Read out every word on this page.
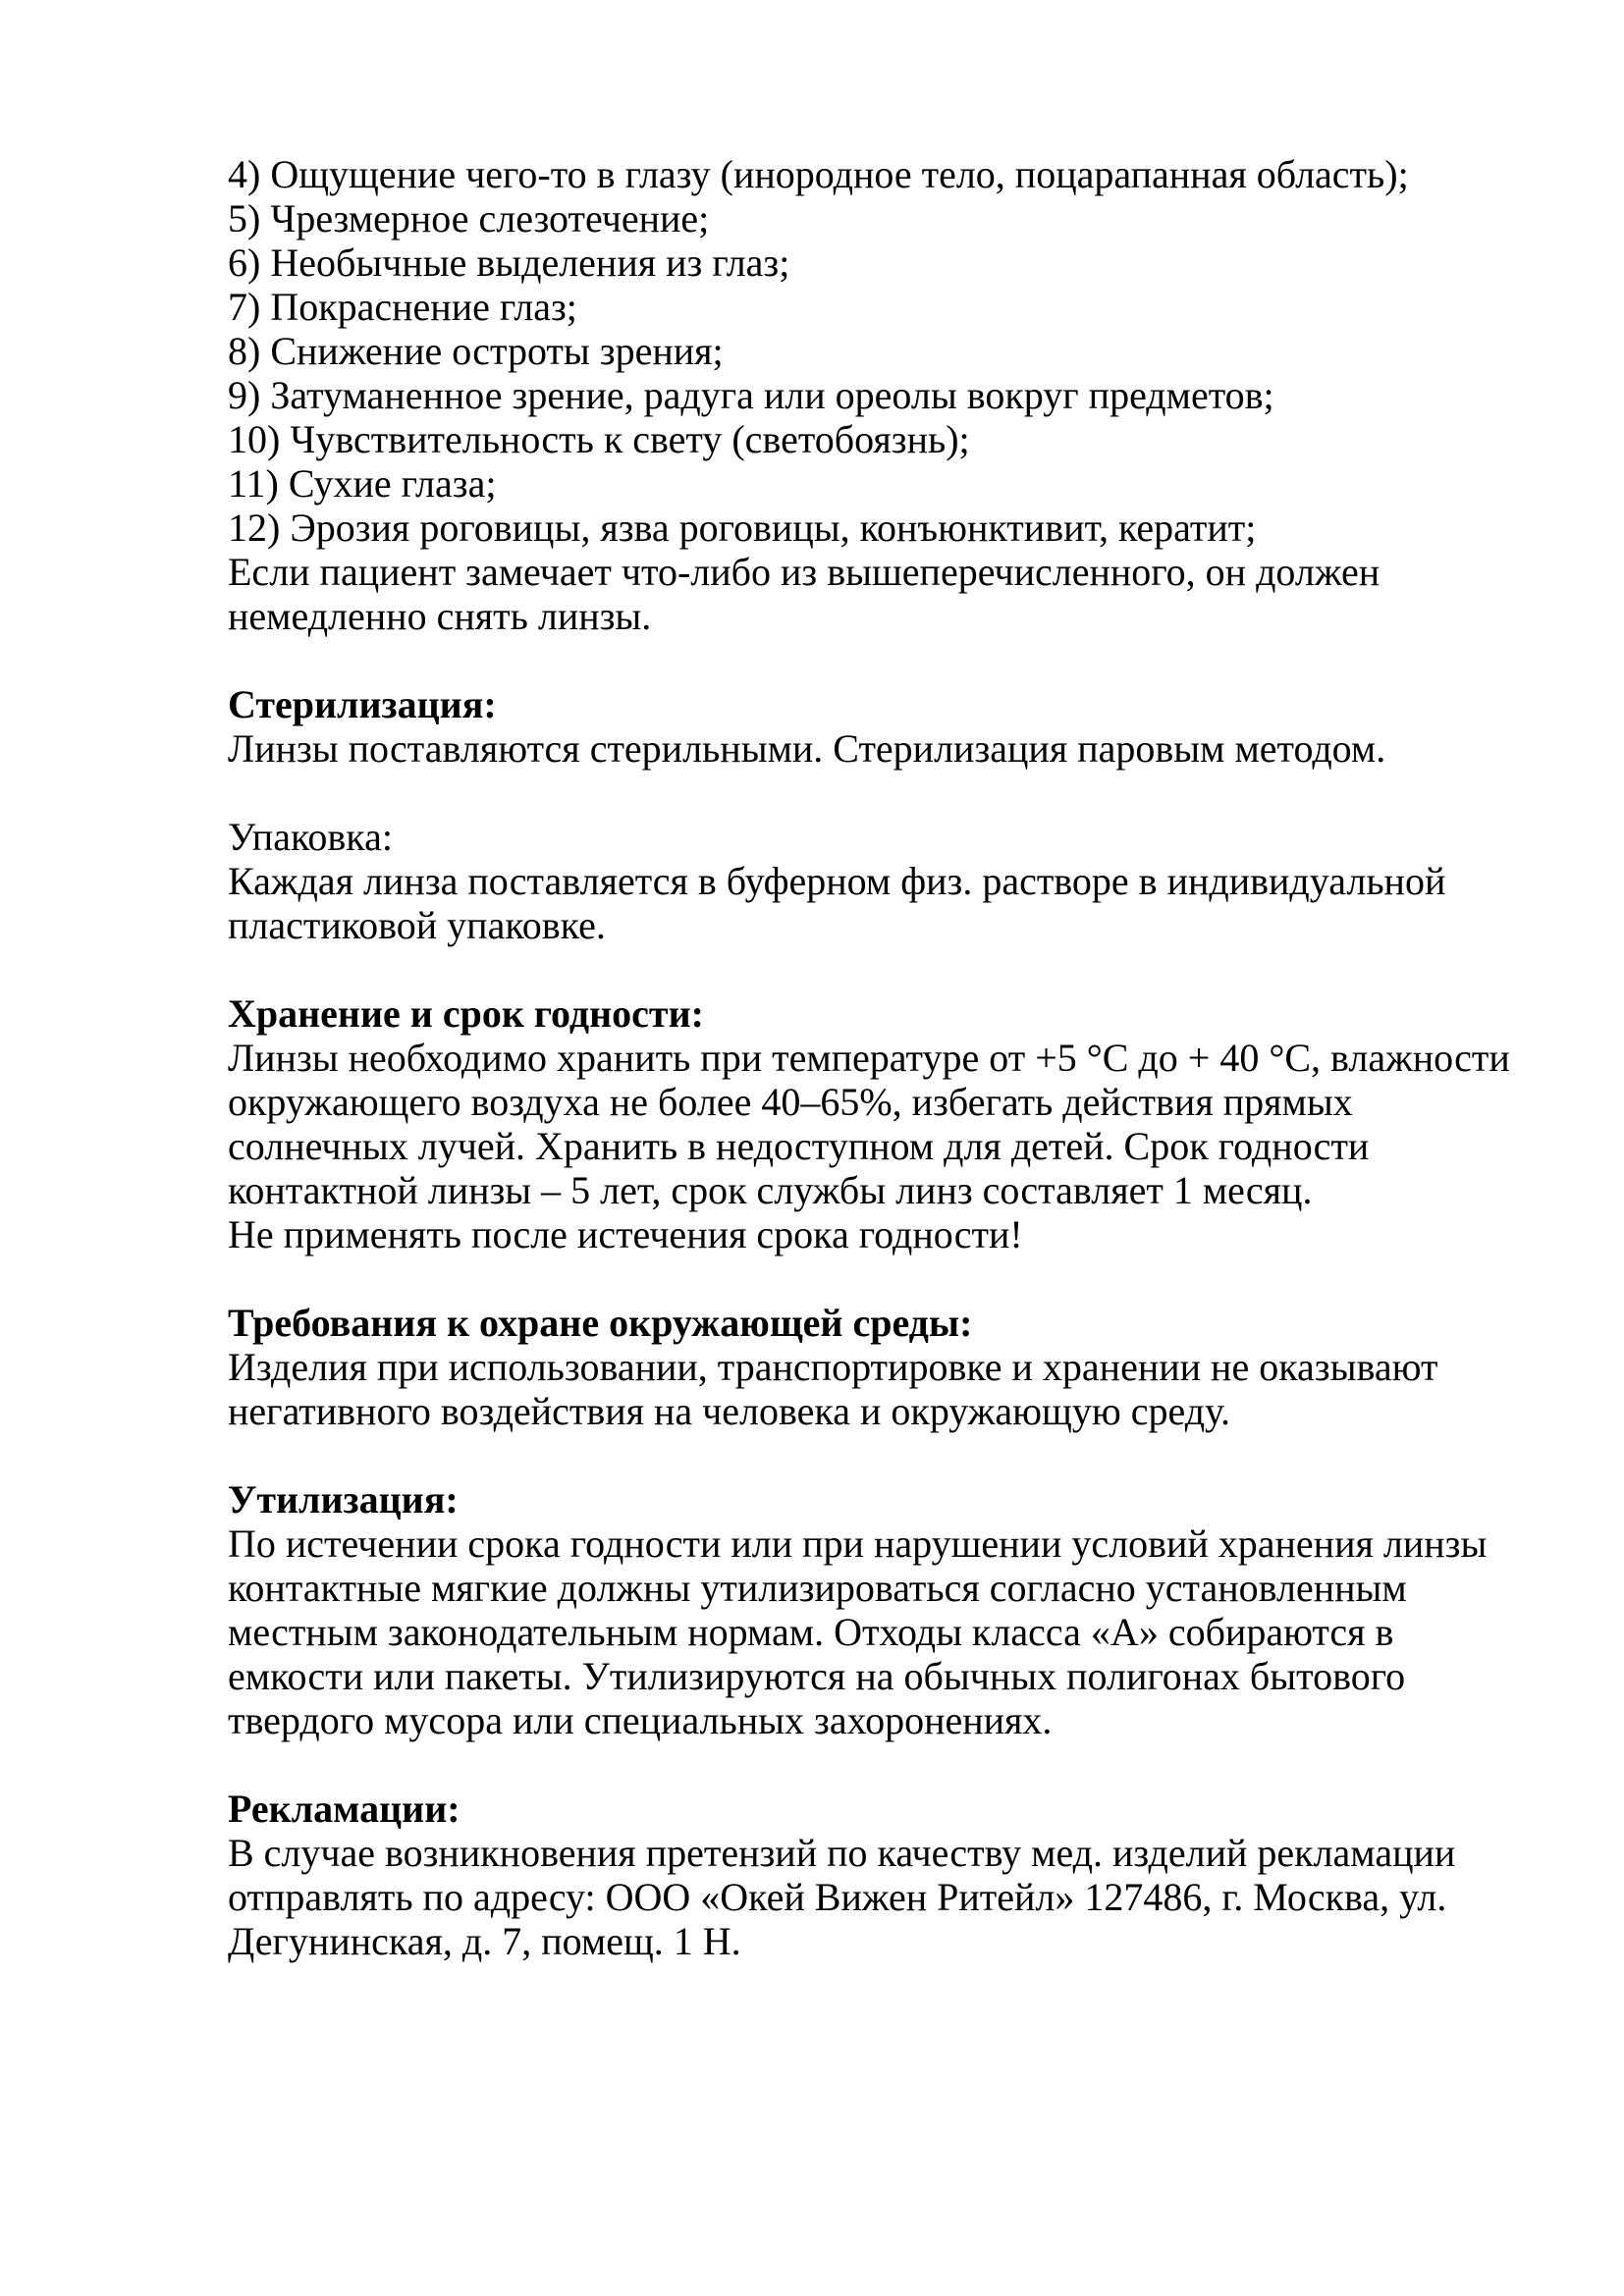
4) Ощущение чего-то в глазу (инородное тело, поцарапанная область);
5) Чрезмерное слезотечение;
6) Необычные выделения из глаз;
7) Покраснение глаз;
8) Снижение остроты зрения;
9) Затуманенное зрение, радуга или ореолы вокруг предметов;
10) Чувствительность к свету (светобоязнь);
11) Сухие глаза;
12) Эрозия роговицы, язва роговицы, конъюнктивит, кератит;
Если пациент замечает что-либо из вышеперечисленного, он должен
немедленно снять линзы.
Стерилизация:
Линзы поставляются стерильными. Стерилизация паровым методом.
Упаковка:
Каждая линза поставляется в буферном физ. растворе в индивидуальной
пластиковой упаковке.
Хранение и срок годности:
Линзы необходимо хранить при температуре от +5 °С до + 40 °С, влажности
окружающего воздуха не более 40–65%, избегать действия прямых
солнечных лучей. Хранить в недоступном для детей. Срок годности
контактной линзы – 5 лет, срок службы линз составляет 1 месяц.
Не применять после истечения срока годности!
Требования к охране окружающей среды:
Изделия при использовании, транспортировке и хранении не оказывают
негативного воздействия на человека и окружающую среду.
Утилизация:
По истечении срока годности или при нарушении условий хранения линзы
контактные мягкие должны утилизироваться согласно установленным
местным законодательным нормам. Отходы класса «А» собираются в
емкости или пакеты. Утилизируются на обычных полигонах бытового
твердого мусора или специальных захоронениях.
Рекламации:
В случае возникновения претензий по качеству мед. изделий рекламации
отправлять по адресу: ООО «Окей Вижен Ритейл» 127486, г. Москва, ул.
Дегунинская, д. 7, помещ. 1 Н.
